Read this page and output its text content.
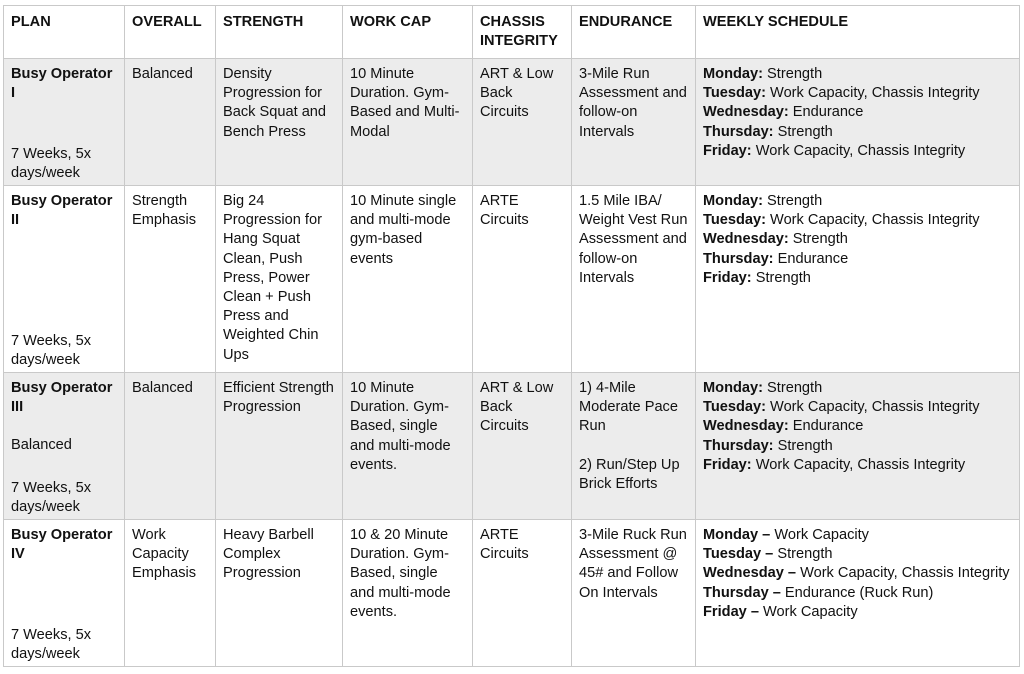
PLAN	OVERALL	STRENGTH	WORK CAP	CHASSIS INTEGRITY	ENDURANCE	WEEKLY SCHEDULE

Busy Operator I
7 Weeks, 5x days/week	Balanced	Density Progression for Back Squat and Bench Press	10 Minute Duration. Gym-Based and Multi-Modal	ART & Low Back Circuits	3-Mile Run Assessment and follow-on Intervals	Monday: Strength
Tuesday: Work Capacity, Chassis Integrity
Wednesday: Endurance
Thursday: Strength
Friday: Work Capacity, Chassis Integrity

Busy Operator II
7 Weeks, 5x days/week	Strength Emphasis	Big 24 Progression for Hang Squat Clean, Push Press, Power Clean + Push Press and Weighted Chin Ups	10 Minute single and multi-mode gym-based events	ARTE Circuits	1.5 Mile IBA/ Weight Vest Run Assessment and follow-on Intervals	Monday: Strength
Tuesday: Work Capacity, Chassis Integrity
Wednesday: Strength
Thursday: Endurance
Friday: Strength

Busy Operator III
Balanced
7 Weeks, 5x days/week	Balanced	Efficient Strength Progression	10 Minute Duration. Gym-Based, single and multi-mode events.	ART & Low Back Circuits	1) 4-Mile Moderate Pace Run

2) Run/Step Up Brick Efforts	Monday: Strength
Tuesday: Work Capacity, Chassis Integrity
Wednesday: Endurance
Thursday: Strength
Friday: Work Capacity, Chassis Integrity

Busy Operator IV
7 Weeks, 5x days/week	Work Capacity Emphasis	Heavy Barbell Complex Progression	10 & 20 Minute Duration. Gym-Based, single and multi-mode events.	ARTE Circuits	3-Mile Ruck Run Assessment @ 45# and Follow On Intervals	Monday – Work Capacity
Tuesday – Strength
Wednesday – Work Capacity, Chassis Integrity
Thursday – Endurance (Ruck Run)
Friday – Work Capacity
